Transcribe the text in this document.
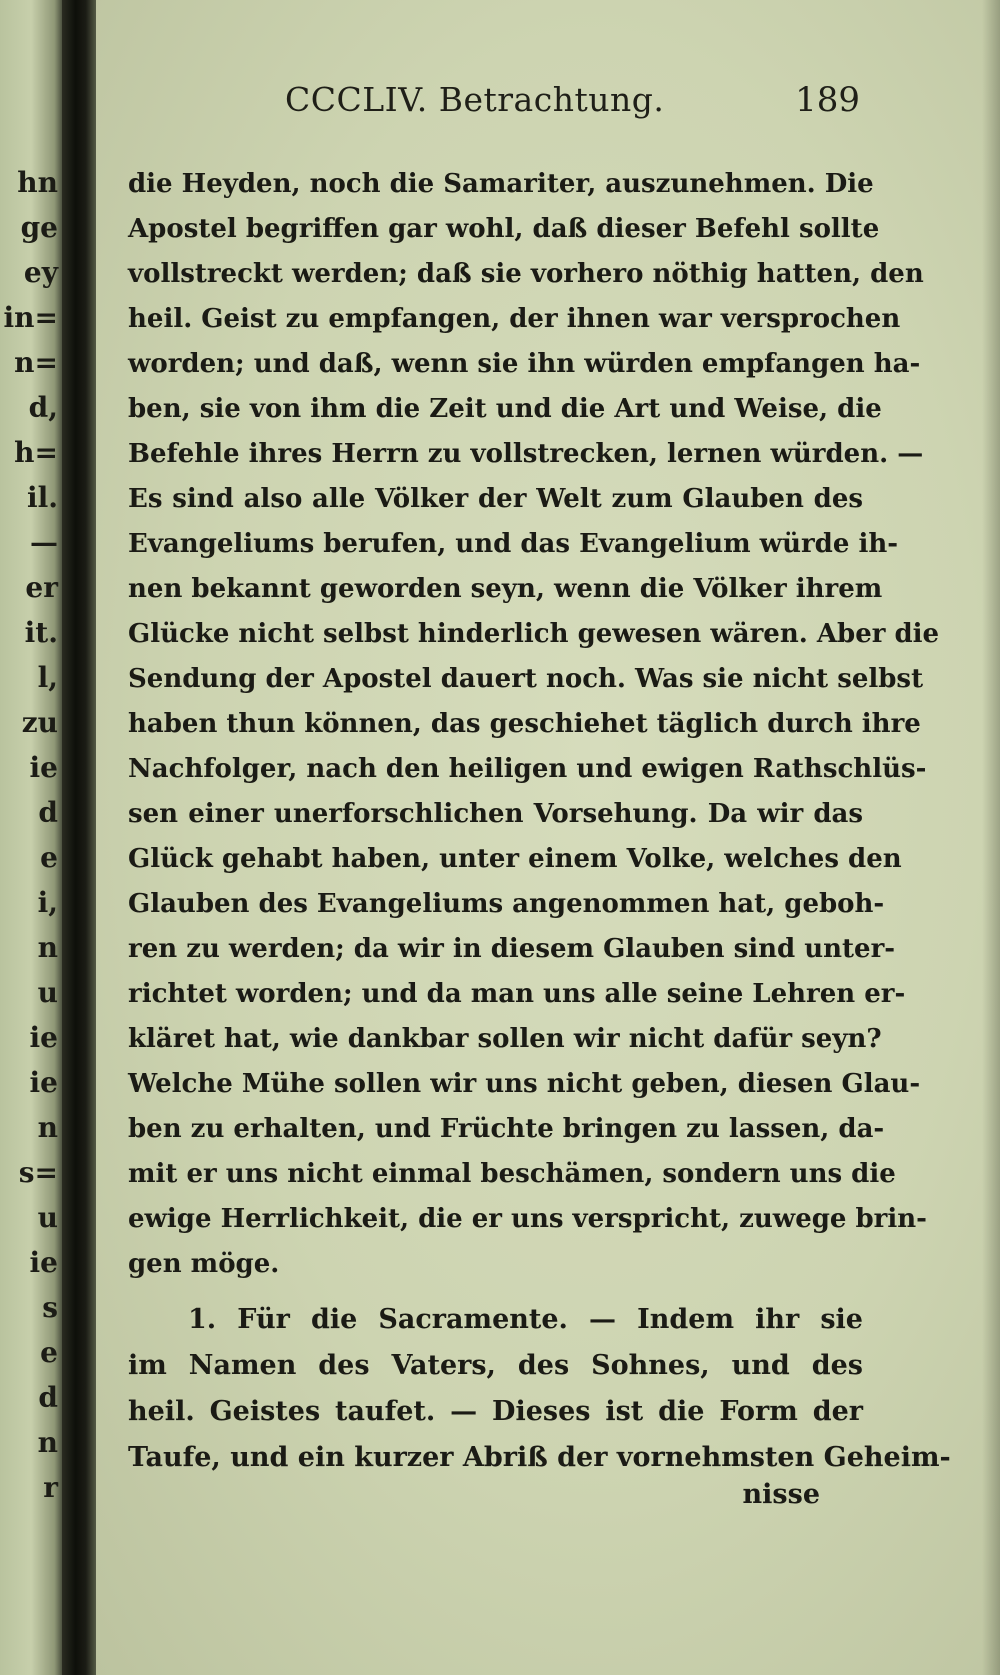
hn
ge
ey
in=
n=
d,
h=
il.
—
er
it.
l,
zu
ie
d
e
i,
n
u
ie
ie
n
s=
u
ie
s
e
d
n
r
CCCLIV. Betrachtung.	189
die Heyden, noch die Samariter, auszunehmen. Die
Apostel begriffen gar wohl, daß dieser Befehl sollte
vollstreckt werden; daß sie vorhero nöthig hatten, den
heil. Geist zu empfangen, der ihnen war versprochen
worden; und daß, wenn sie ihn würden empfangen ha-
ben, sie von ihm die Zeit und die Art und Weise, die
Befehle ihres Herrn zu vollstrecken, lernen würden. —
Es sind also alle Völker der Welt zum Glauben des
Evangeliums berufen, und das Evangelium würde ih-
nen bekannt geworden seyn, wenn die Völker ihrem
Glücke nicht selbst hinderlich gewesen wären. Aber die
Sendung der Apostel dauert noch. Was sie nicht selbst
haben thun können, das geschiehet täglich durch ihre
Nachfolger, nach den heiligen und ewigen Rathschlüs-
sen einer unerforschlichen Vorsehung. Da wir das
Glück gehabt haben, unter einem Volke, welches den
Glauben des Evangeliums angenommen hat, geboh-
ren zu werden; da wir in diesem Glauben sind unter-
richtet worden; und da man uns alle seine Lehren er-
kläret hat, wie dankbar sollen wir nicht dafür seyn?
Welche Mühe sollen wir uns nicht geben, diesen Glau-
ben zu erhalten, und Früchte bringen zu lassen, da-
mit er uns nicht einmal beschämen, sondern uns die
ewige Herrlichkeit, die er uns verspricht, zuwege brin-
gen möge.
1. Für die Sacramente. — Indem ihr sie
im Namen des Vaters, des Sohnes, und des
heil. Geistes taufet. — Dieses ist die Form der
Taufe, und ein kurzer Abriß der vornehmsten Geheim-
nisse
